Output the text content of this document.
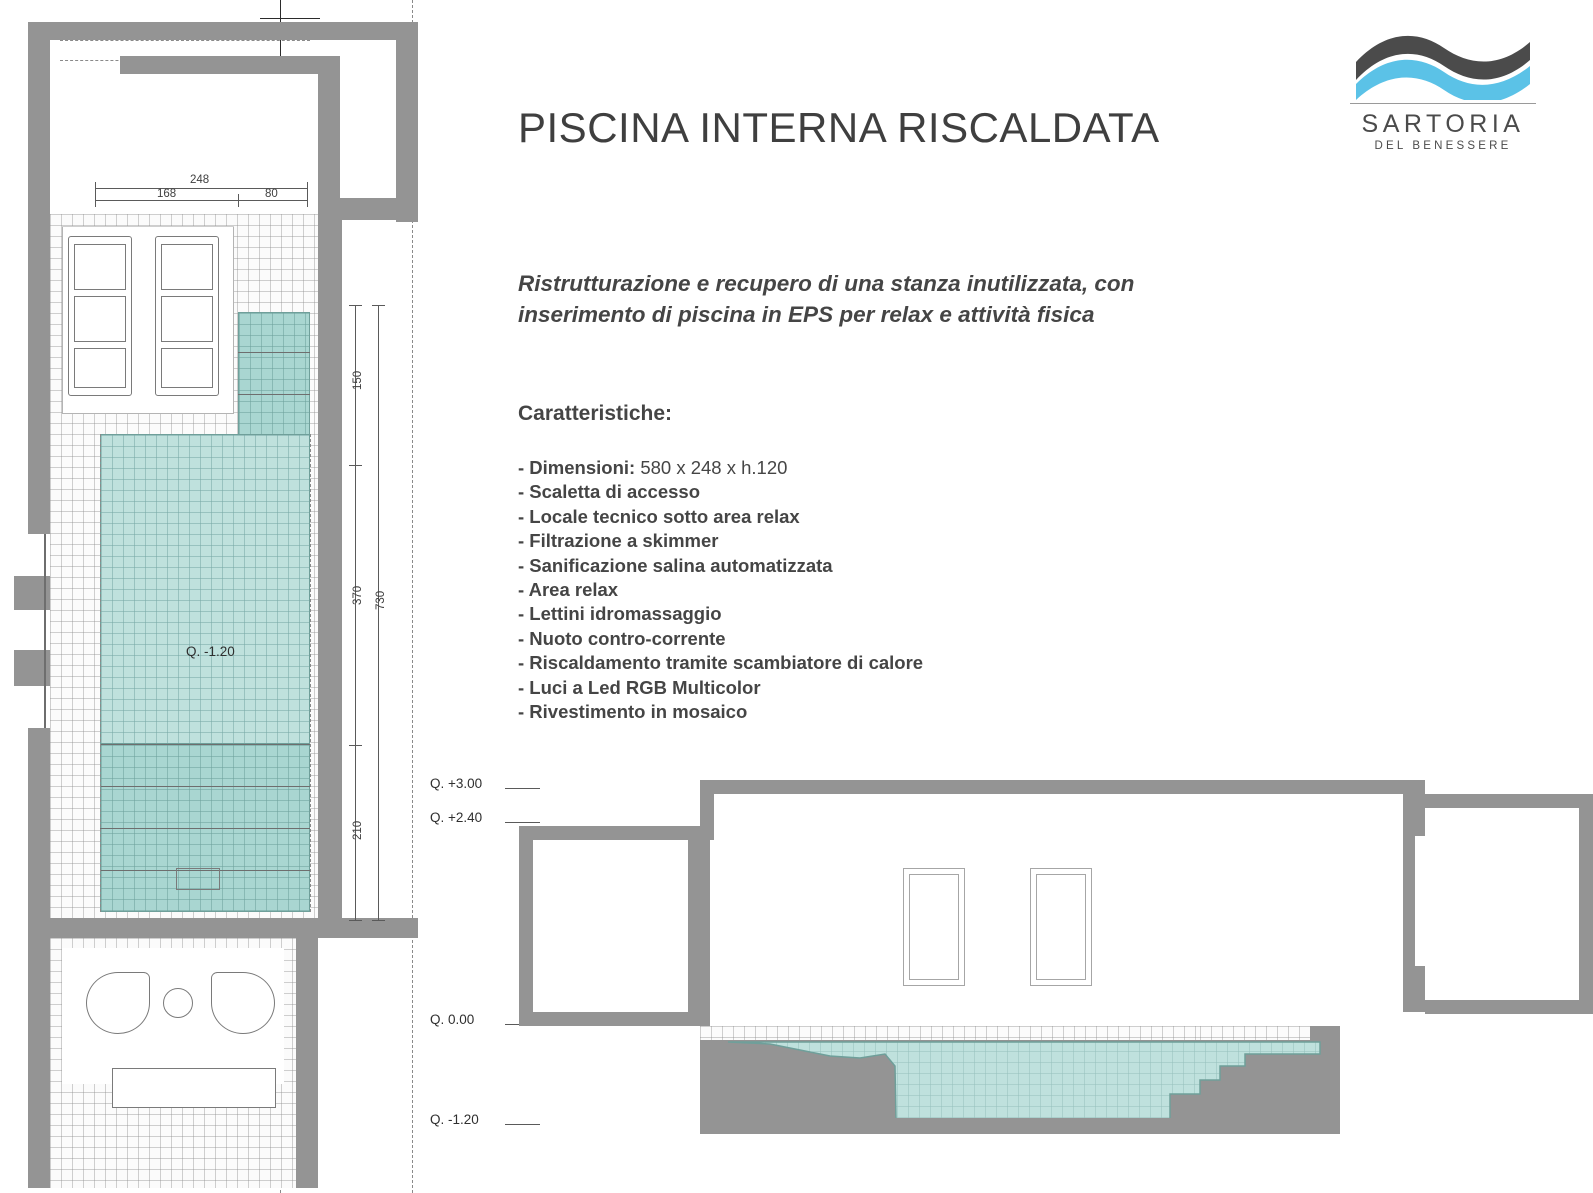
SARTORIA
DEL BENESSERE
PISCINA INTERNA RISCALDATA
Ristrutturazione e recupero di una stanza inutilizzata, con inserimento di piscina in EPS per relax e attività fisica
Caratteristiche:
- Dimensioni: 580 x 248 x h.120
- Scaletta di accesso
- Locale tecnico sotto area relax
- Filtrazione a skimmer
- Sanificazione salina automatizzata
- Area relax
- Lettini idromassaggio
- Nuoto contro-corrente
- Riscaldamento tramite scambiatore di calore
- Luci a Led RGB Multicolor
- Rivestimento in mosaico
Q. -1.20
248
168	80
150
370
210
730
Q. +3.00
Q. +2.40
Q. 0.00
Q. -1.20
